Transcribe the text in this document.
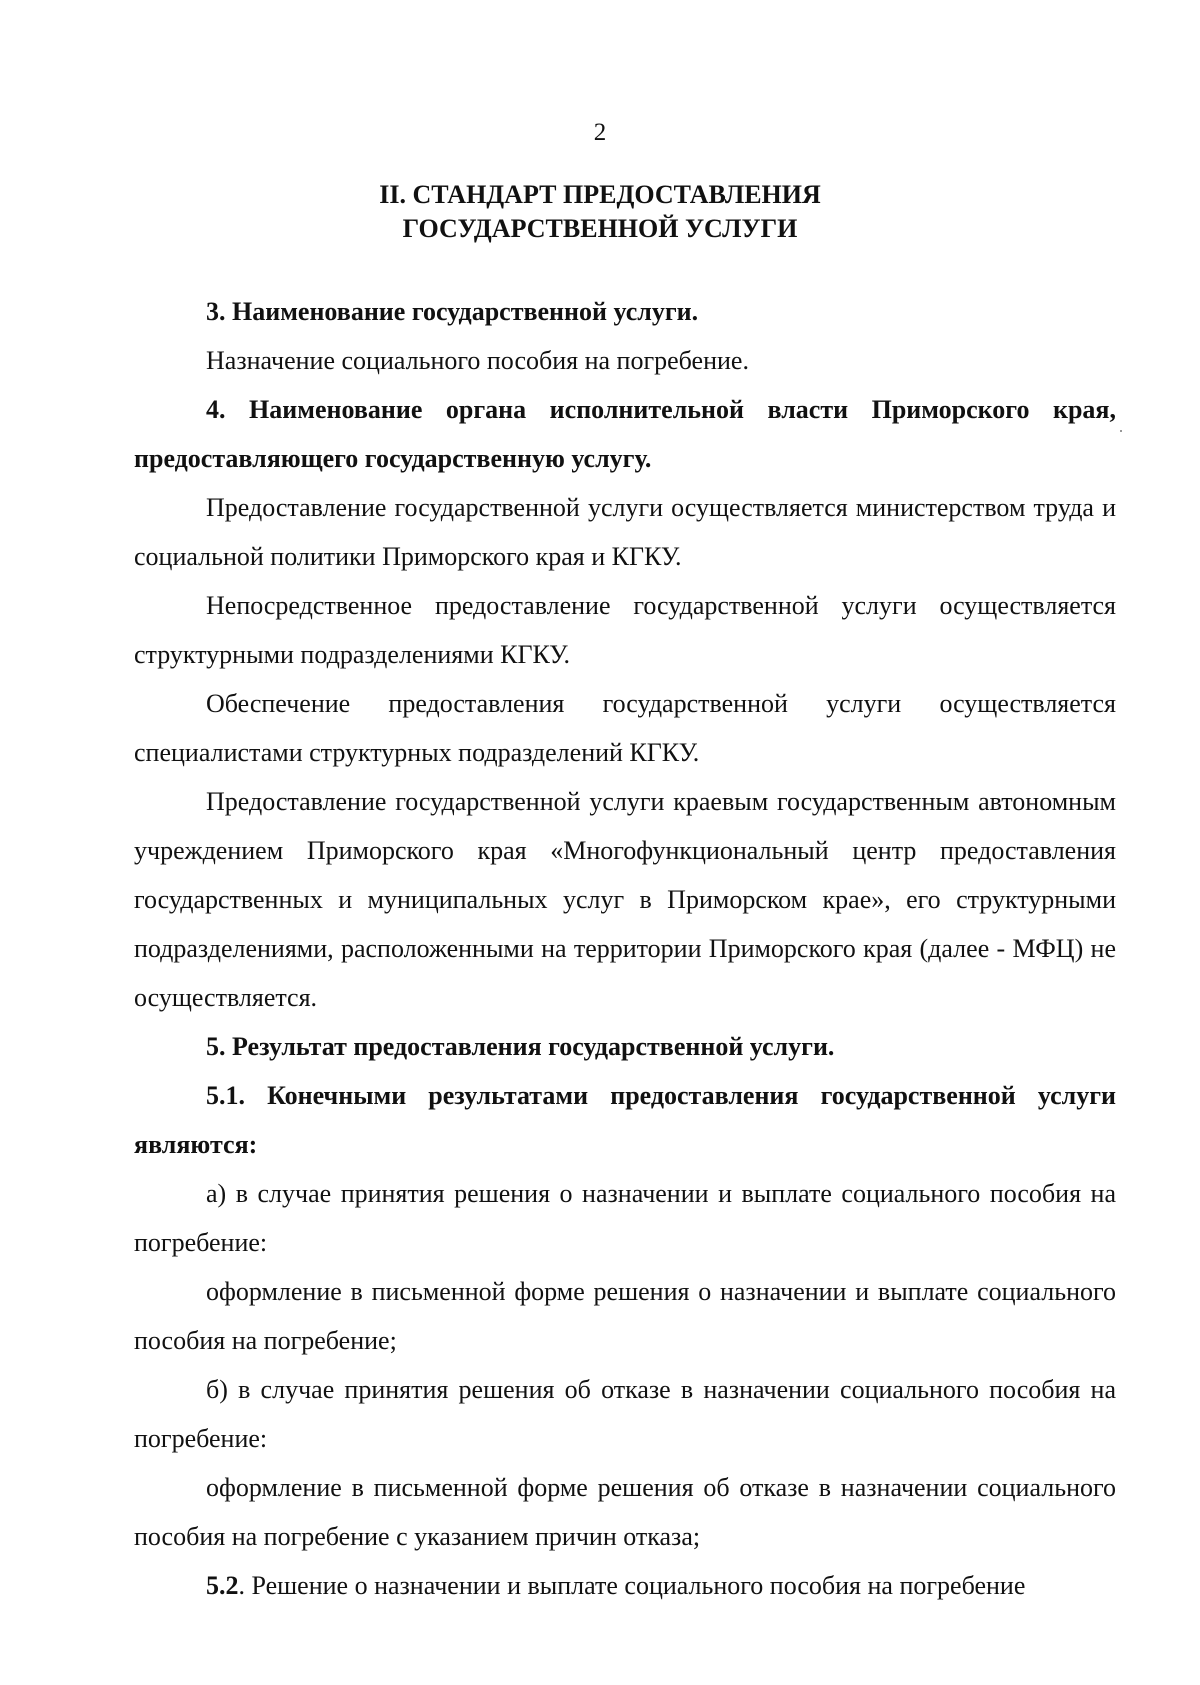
2
II. СТАНДАРТ ПРЕДОСТАВЛЕНИЯ
ГОСУДАРСТВЕННОЙ УСЛУГИ

3. Наименование государственной услуги.

Назначение социального пособия на погребение.

4. Наименование органа исполнительной власти Приморского края, предоставляющего государственную услугу.

Предоставление государственной услуги осуществляется министерством труда и социальной политики Приморского края и КГКУ.

Непосредственное предоставление государственной услуги осуществляется структурными подразделениями КГКУ.

Обеспечение предоставления государственной услуги осуществляется специалистами структурных подразделений КГКУ.

Предоставление государственной услуги краевым государственным автономным учреждением Приморского края «Многофункциональный центр предоставления государственных и муниципальных услуг в Приморском крае», его структурными подразделениями, расположенными на территории Приморского края (далее - МФЦ) не осуществляется.

5. Результат предоставления государственной услуги.

5.1. Конечными результатами предоставления государственной услуги являются:

а) в случае принятия решения о назначении и выплате социального пособия на погребение:

оформление в письменной форме решения о назначении и выплате социального пособия на погребение;

б) в случае принятия решения об отказе в назначении социального пособия на погребение:

оформление в письменной форме решения об отказе в назначении социального пособия на погребение с указанием причин отказа;

5.2. Решение о назначении и выплате социального пособия на погребение
